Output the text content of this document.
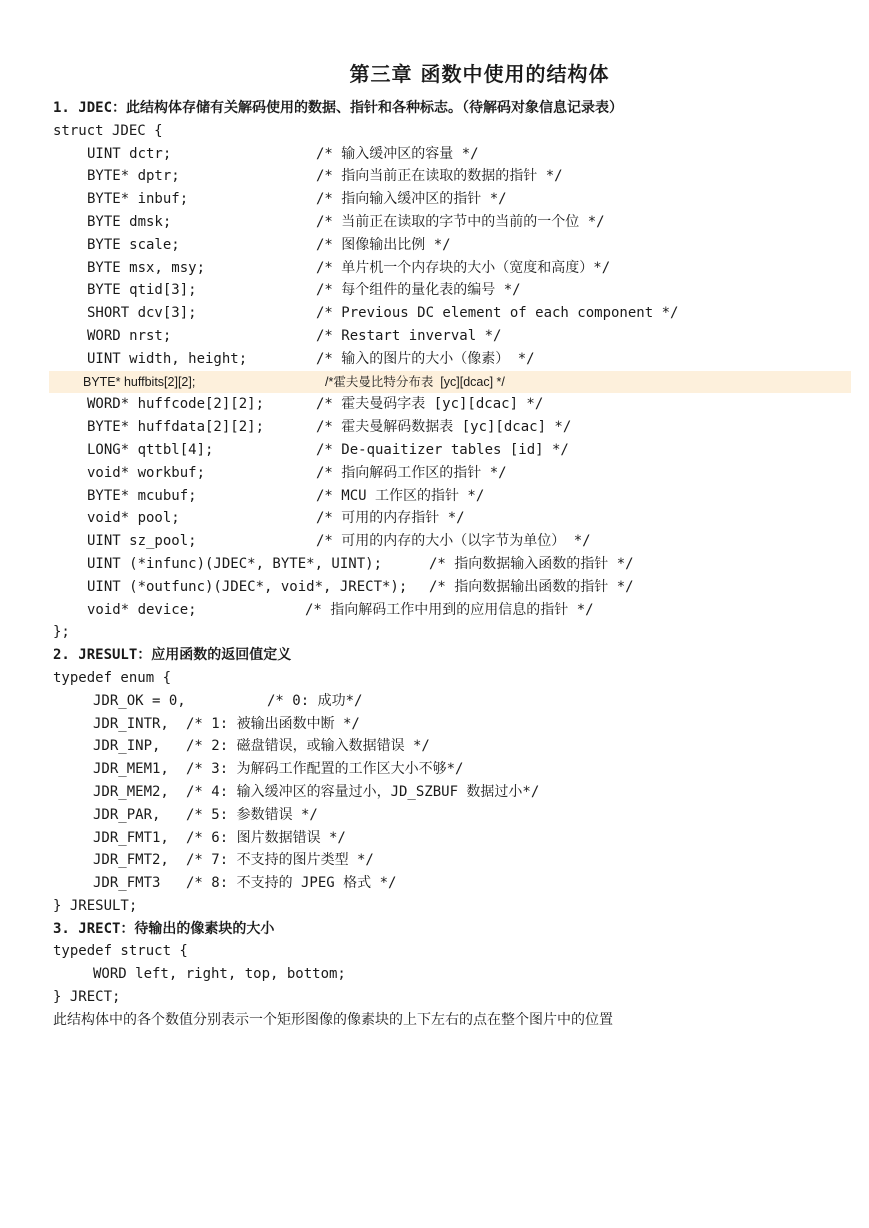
第三章 函数中使用的结构体
1. JDEC：此结构体存储有关解码使用的数据、指针和各种标志。（待解码对象信息记录表）
struct JDEC {
UINT dctr;	/* 输入缓冲区的容量 */
BYTE* dptr;	/* 指向当前正在读取的数据的指针 */
BYTE* inbuf;	/* 指向输入缓冲区的指针 */
BYTE dmsk;	/* 当前正在读取的字节中的当前的一个位 */
BYTE scale;	/* 图像输出比例 */
BYTE msx, msy;	/* 单片机一个内存块的大小（宽度和高度）*/
BYTE qtid[3];	/* 每个组件的量化表的编号 */
SHORT dcv[3];	/* Previous DC element of each component */
WORD nrst;	/* Restart inverval */
UINT width, height;	/* 输入的图片的大小（像素） */
BYTE* huffbits[2][2];	/*霍夫曼比特分布表  [yc][dcac] */
WORD* huffcode[2][2];	/* 霍夫曼码字表 [yc][dcac] */
BYTE* huffdata[2][2];	/* 霍夫曼解码数据表 [yc][dcac] */
LONG* qttbl[4];	/* De-quaitizer tables [id] */
void* workbuf;	/* 指向解码工作区的指针 */
BYTE* mcubuf;	/* MCU 工作区的指针 */
void* pool;	/* 可用的内存指针 */
UINT sz_pool;	/* 可用的内存的大小（以字节为单位） */
UINT (*infunc)(JDEC*, BYTE*, UINT);	/* 指向数据输入函数的指针 */
UINT (*outfunc)(JDEC*, void*, JRECT*); /* 指向数据输出函数的指针 */
void* device;	/* 指向解码工作中用到的应用信息的指针 */
};
2. JRESULT：应用函数的返回值定义
typedef enum {
JDR_OK = 0,	/* 0: 成功*/
JDR_INTR, /* 1: 被输出函数中断 */
JDR_INP, /* 2: 磁盘错误，或输入数据错误 */
JDR_MEM1, /* 3: 为解码工作配置的工作区大小不够*/
JDR_MEM2, /* 4: 输入缓冲区的容量过小，JD_SZBUF 数据过小*/
JDR_PAR, /* 5: 参数错误 */
JDR_FMT1, /* 6: 图片数据错误 */
JDR_FMT2, /* 7: 不支持的图片类型 */
JDR_FMT3 /* 8: 不支持的 JPEG 格式 */
} JRESULT;
3. JRECT：待输出的像素块的大小
typedef struct {
WORD left, right, top, bottom;
} JRECT;
此结构体中的各个数值分别表示一个矩形图像的像素块的上下左右的点在整个图片中的位置
